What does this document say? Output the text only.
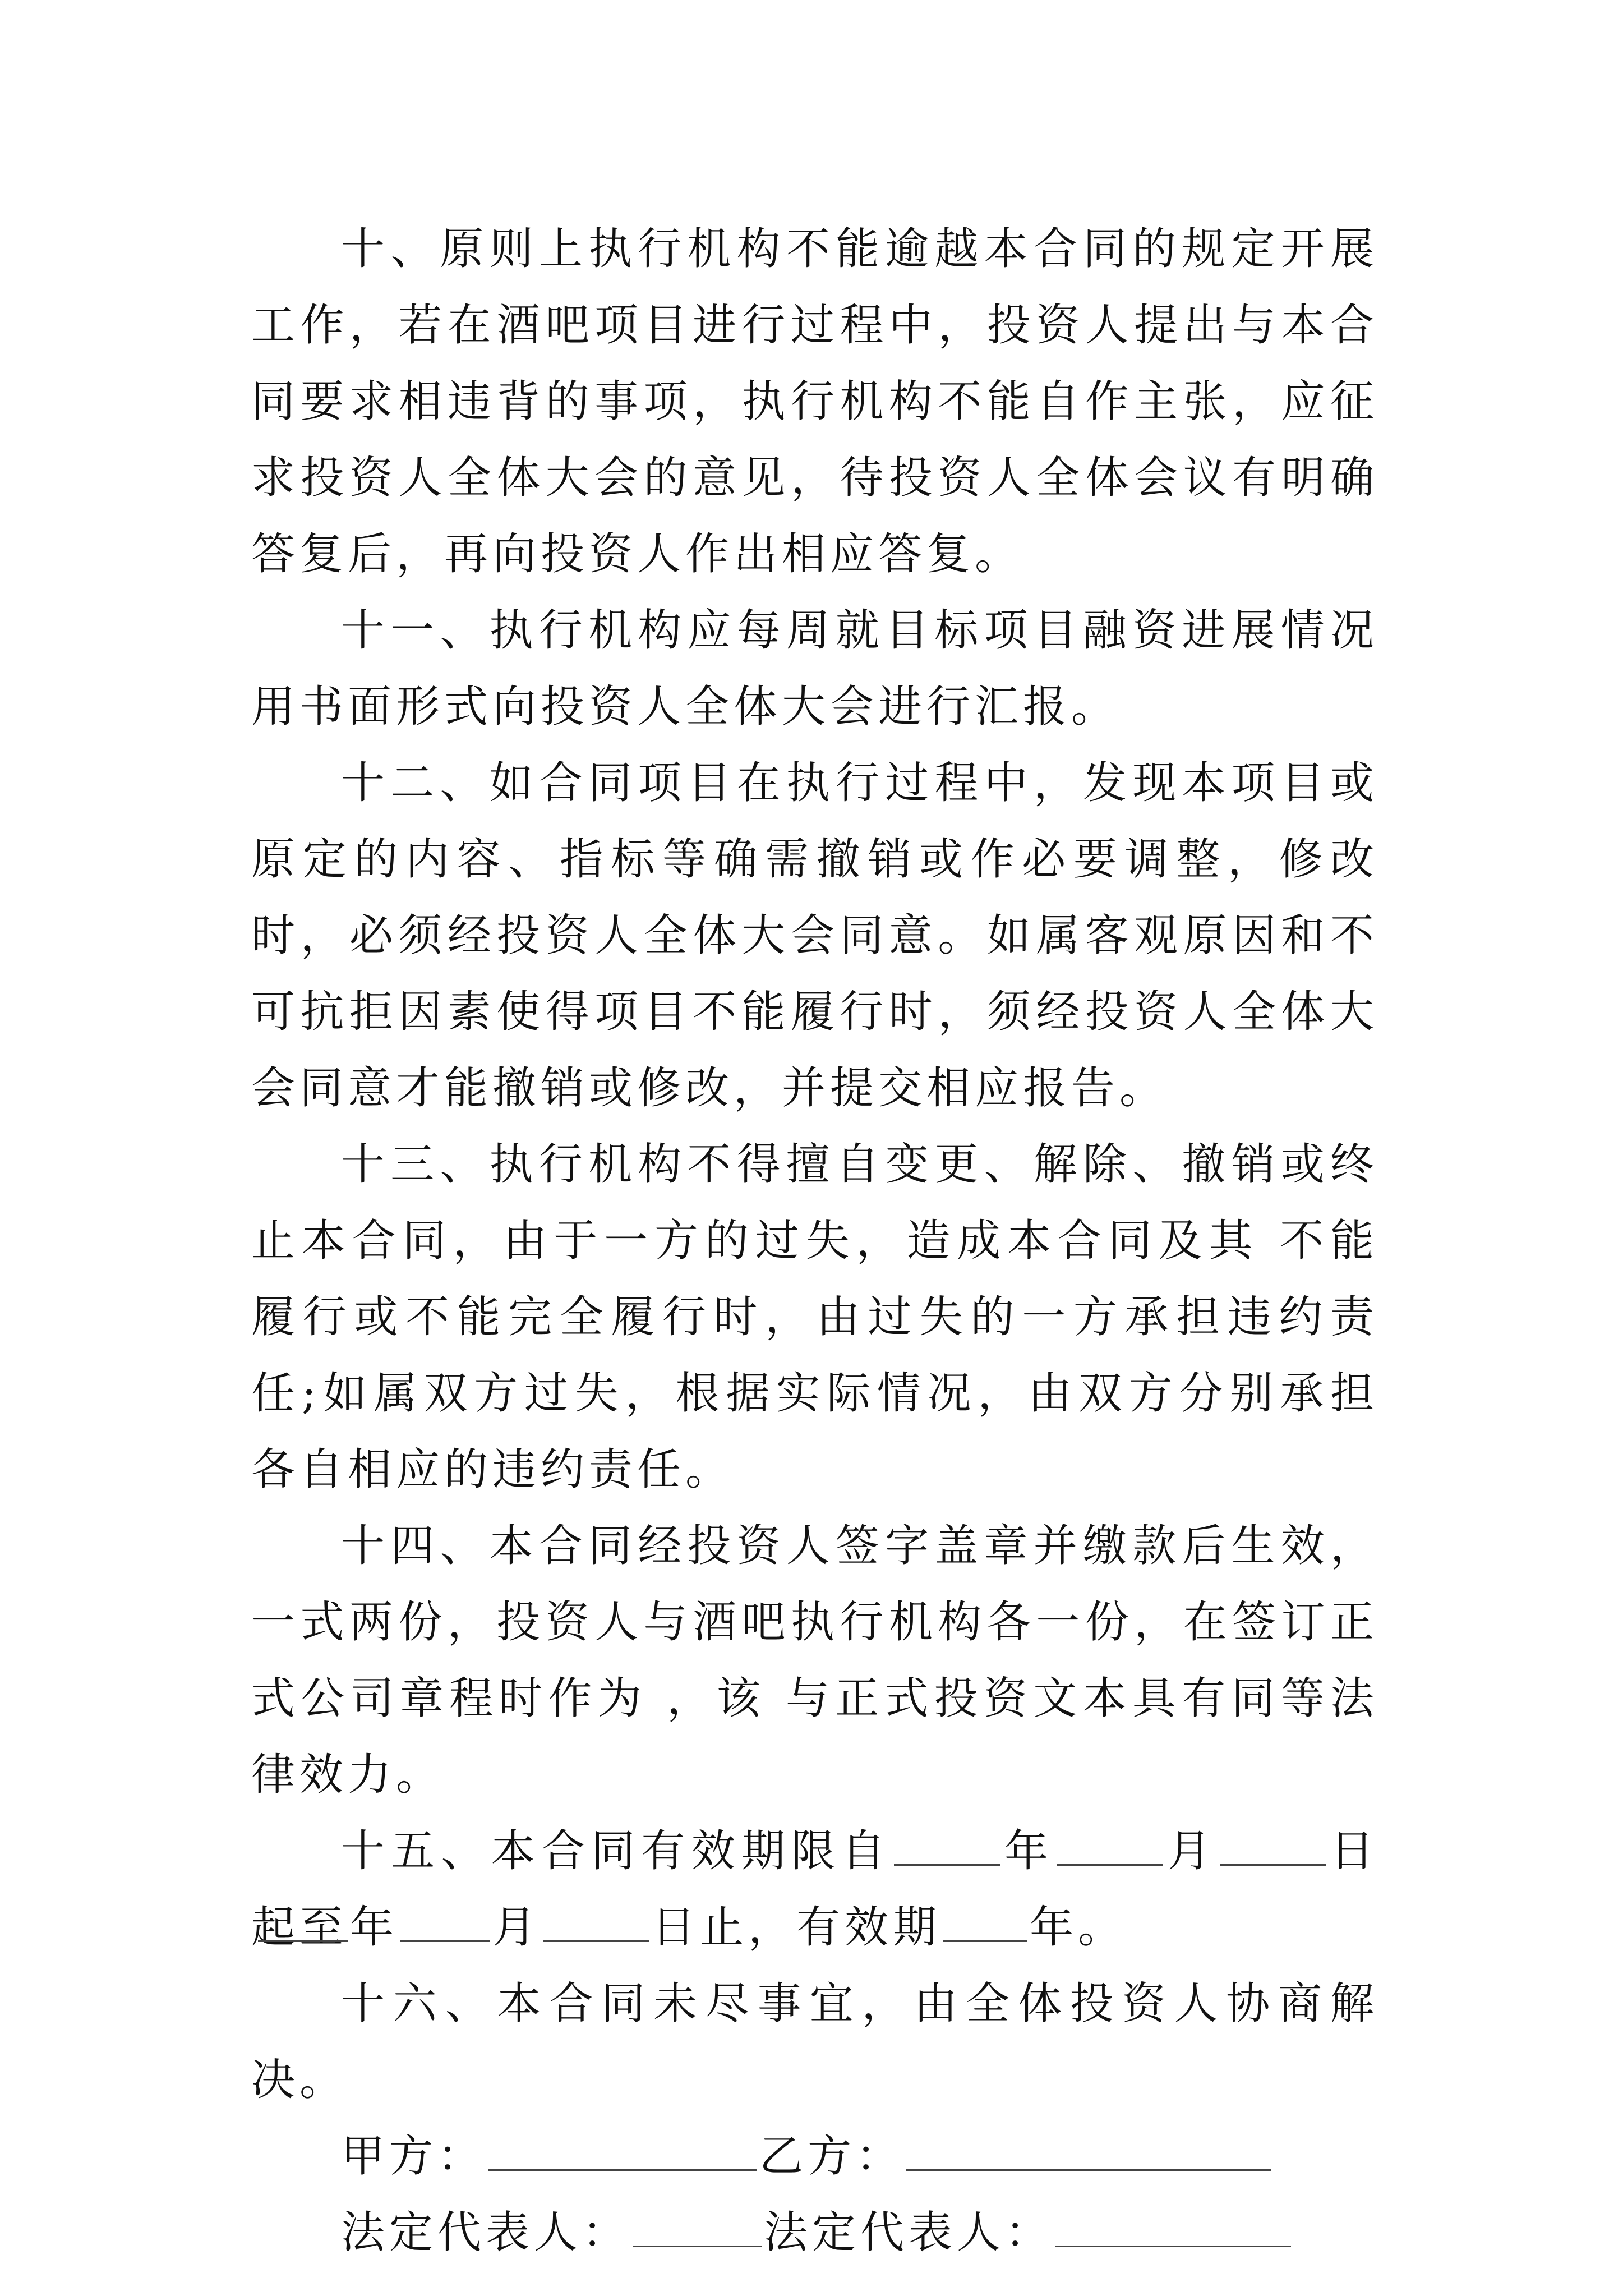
十、原则上执行机构不能逾越本合同的规定开展工作，若在酒吧项目进行过程中，投资人提出与本合同要求相违背的事项，执行机构不能自作主张，应征求投资人全体大会的意见，待投资人全体会议有明确答复后，再向投资人作出相应答复。

十一、执行机构应每周就目标项目融资进展情况用书面形式向投资人全体大会进行汇报。

十二、如合同项目在执行过程中，发现本项目或原定的内容、指标等确需撤销或作必要调整，修改时，必须经投资人全体大会同意。如属客观原因和不可抗拒因素使得项目不能履行时，须经投资人全体大会同意才能撤销或修改，并提交相应报告。

十三、执行机构不得擅自变更、解除、撤销或终止本合同，由于一方的过失，造成本合同及其 不能履行或不能完全履行时，由过失的一方承担违约责任;如属双方过失，根据实际情况，由双方分别承担各自相应的违约责任。

十四、本合同经投资人签字盖章并缴款后生效，一式两份，投资人与酒吧执行机构各一份，在签订正式公司章程时作为 ，该 与正式投资文本具有同等法律效力。

十五、本合同有效期限自	年	月	日起至年 月	日止，有效期 年。

十六、本合同未尽事宜，由全体投资人协商解决。

甲方：	乙方：

法定代表人：	法定代表人：
